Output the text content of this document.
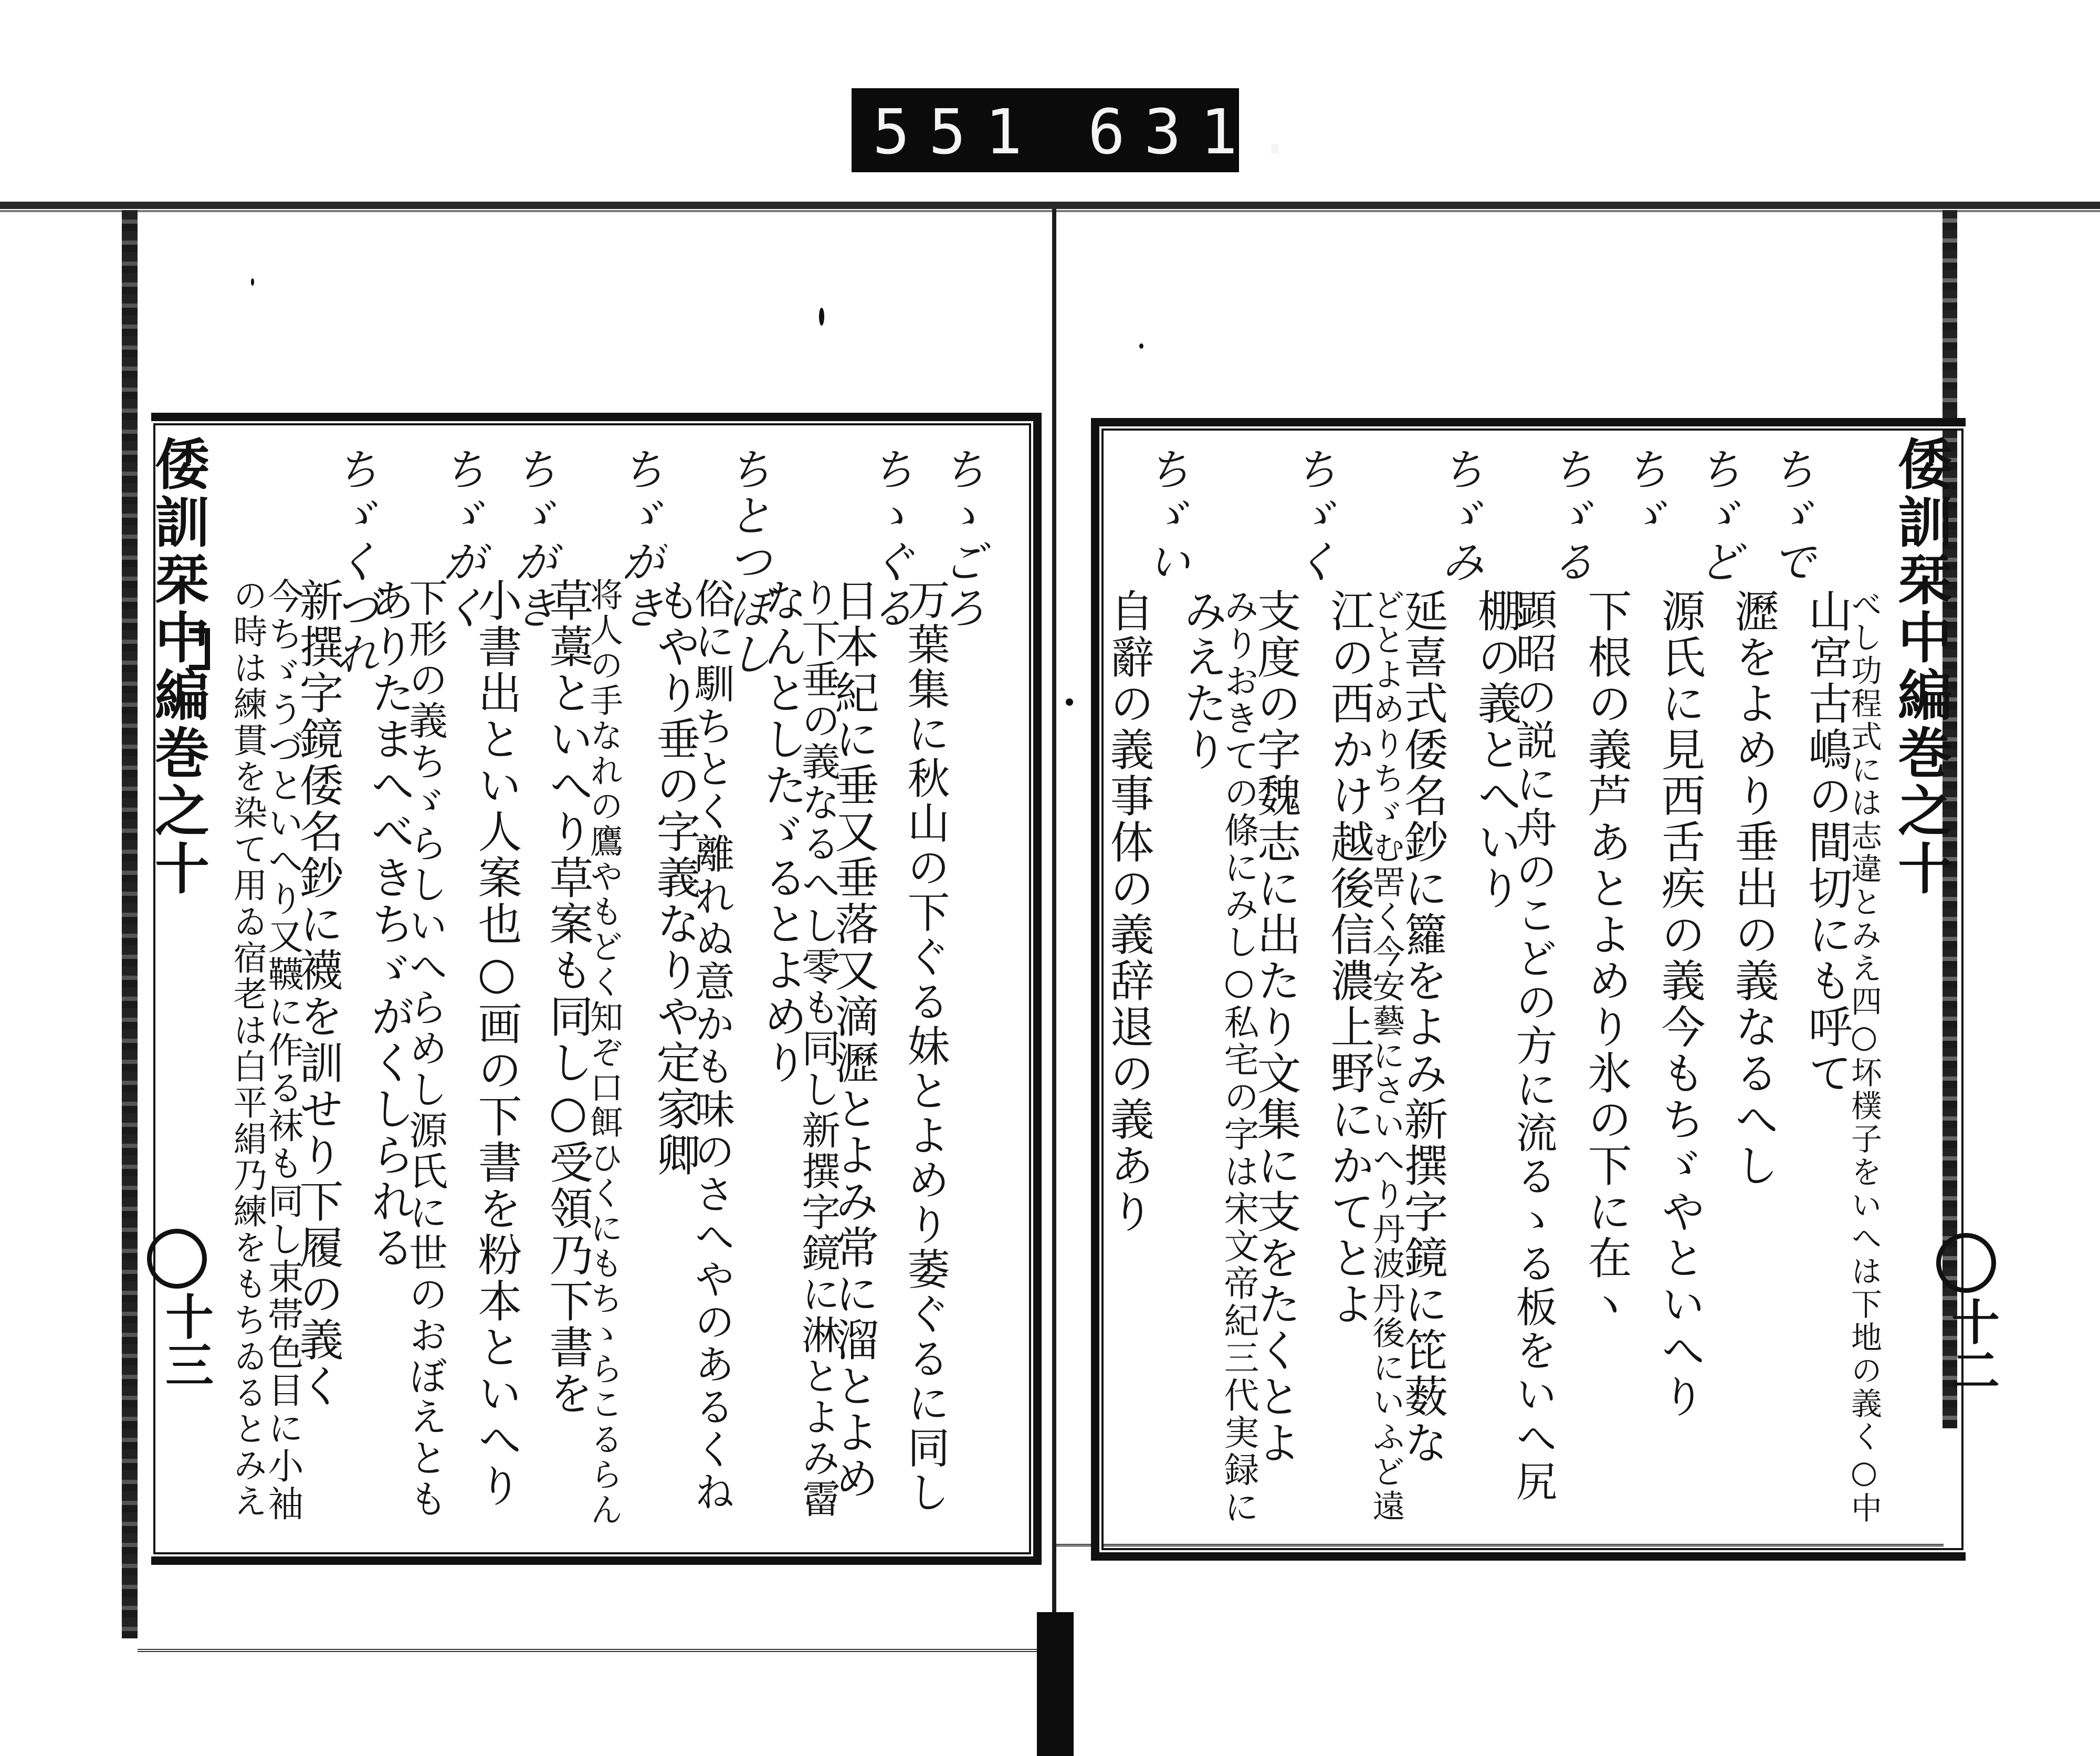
551 631.
倭訓栞中編巻之十
十三
ちゝごろ
万葉集に秋山の下ぐる妹とよめり萎ぐるに同し
ちゝぐる
日本紀に垂又垂落又滴瀝とよみ常に溜とよめ
り下垂の義なるへし零も同し新撰字鏡に淋とよみ霤
なんとしたゞるとよめり
ちとつぼし
俗に馴ちとく離れぬ意かも味のさへやのあるくね
もやり垂の字義なりや定家卿
ちゞがき
将人の手なれの鷹やもどく知ぞ口餌ひくにもちゝらこるらん
草藁といへり草案も同し○受領乃下書を
ちゞがき
小書出とい人案也○画の下書を粉本といへり
ちゞがく
下形の義ちゞらしいへらめし源氏に世のおぼえとも
ありたまへべきちゞがくしられる
ちゞくづれ
新撰字鏡倭名鈔に襪を訓せり下履の義く
今ちゞうづといへり又韈に作る袜も同し束帯色目に小袖
の時は練貫を染て用ゐ宿老は白平絹乃練をもちゐるとみえ	倭訓栞中編巻之十
十二
べし功程式には志違とみえ四○坏樸子をいへは下地の義く○中
山宮古嶋の間切にも呼て
ちゞで
瀝をよめり垂出の義なるへし
ちゞど
源氏に見西舌疾の義今もちゞやといへり
ちゞ
下根の義芦あとよめり氷の下に在ヽ
ちゞる
顕昭の説に舟のこどの方に流るゝる板をいへ尻
棚の義とへいり
ちゞみ
延喜式倭名鈔に籮をよみ新撰字鏡に笓薮な
どとよめりちゞむ罟く今安藝にさいへり丹波丹後にいふど遠
江の西かけ越後信濃上野にかてとよ
ちゞく
支度の字魏志に出たり文集に支をたくとよ
みりおきての條にみし○私宅の字は宋文帝紀三代実録に
みえたり
ちゞい
自辭の義事体の義辞退の義あり
